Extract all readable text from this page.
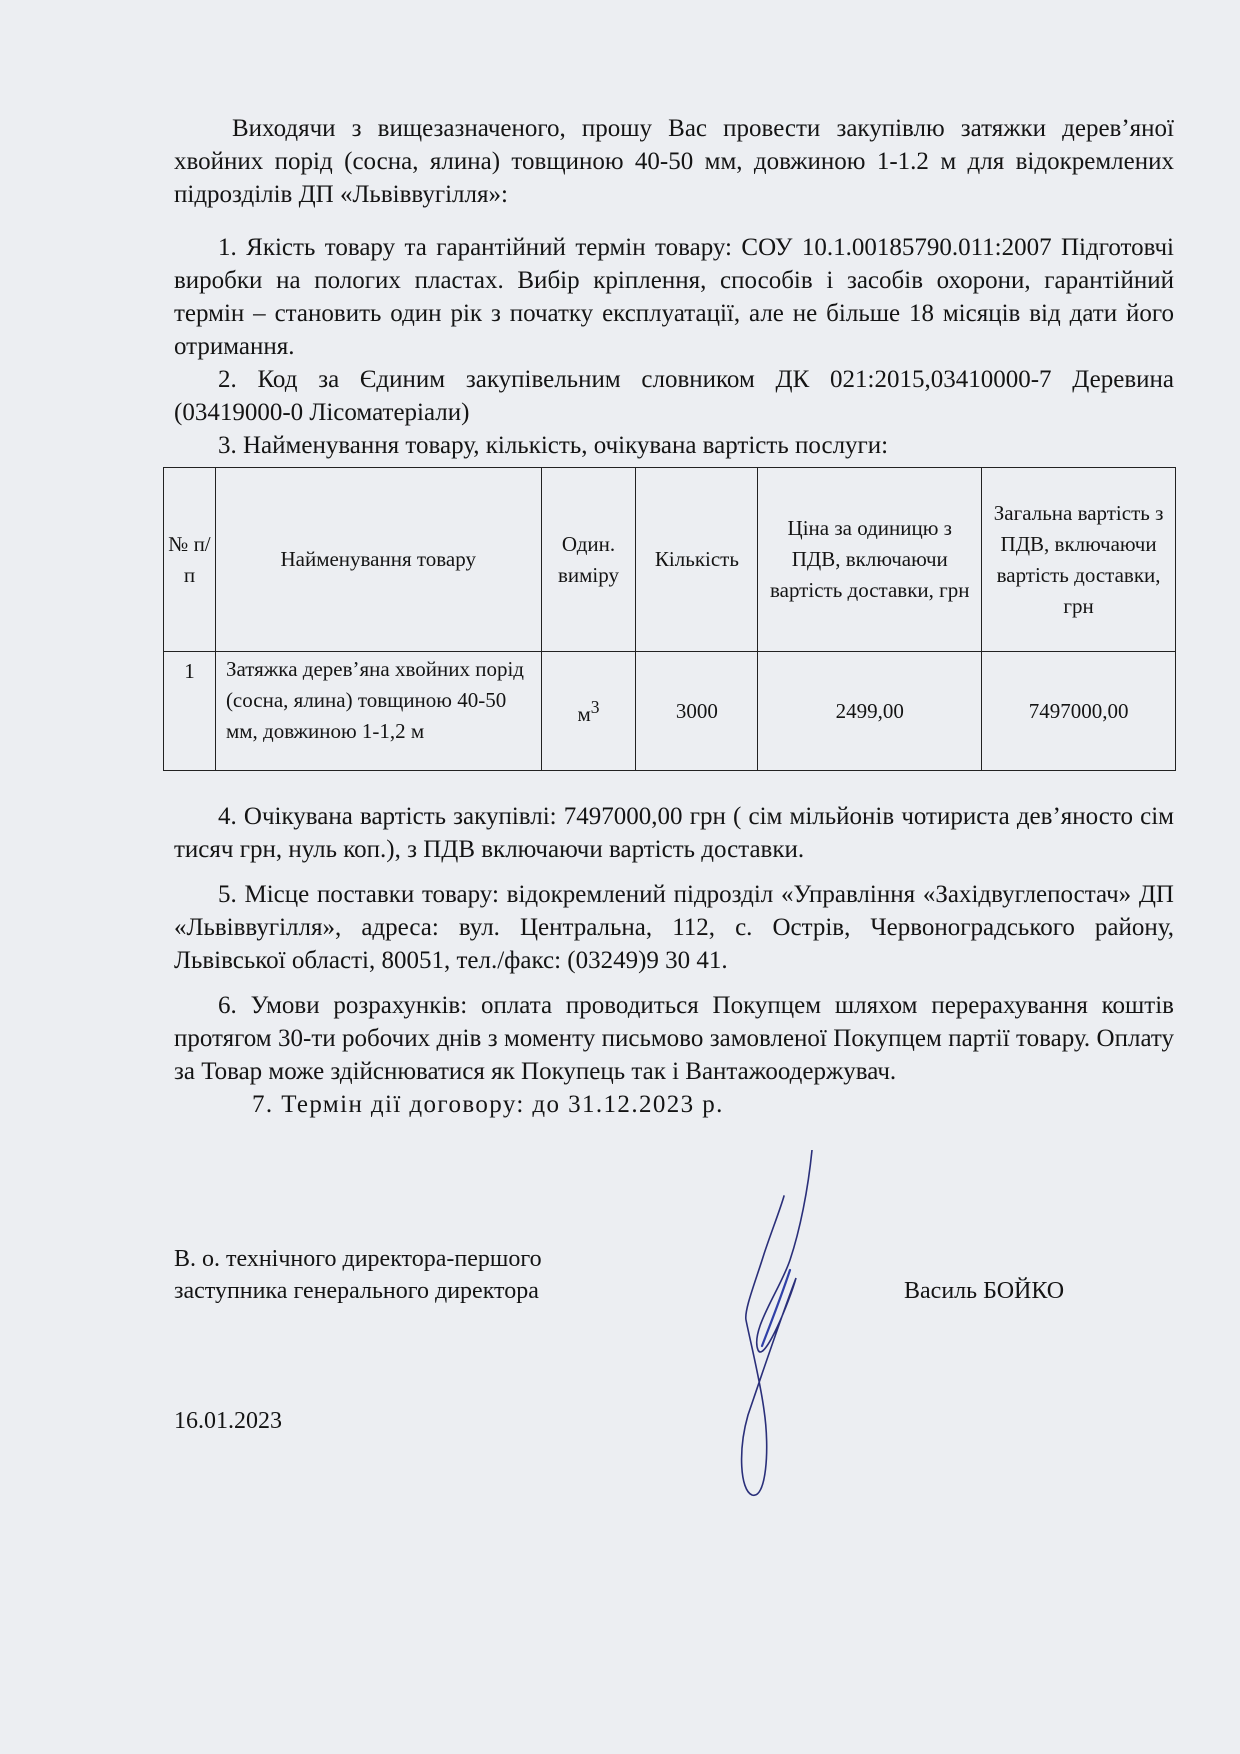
Виходячи з вищезазначеного, прошу Вас провести закупівлю затяжки дерев’яної хвойних порід (сосна, ялина) товщиною 40-50 мм, довжиною 1-1.2 м для відокремлених підрозділів ДП «Львіввугілля»:

1. Якість товару та гарантійний термін товару: СОУ 10.1.00185790.011:2007 Підготовчі виробки на пологих пластах. Вибір кріплення, способів і засобів охорони, гарантійний термін – становить один рік з початку експлуатації, але не більше 18 місяців від дати його отримання.

2. Код за Єдиним закупівельним словником ДК 021:2015,03410000-7 Деревина (03419000-0 Лісоматеріали)

3. Найменування товару, кількість, очікувана вартість послуги:

№ п/п	Найменування товару	Один. виміру	Кількість	Ціна за одиницю з ПДВ, включаючи вартість доставки, грн	Загальна вартість з ПДВ, включаючи вартість доставки, грн
1	Затяжка дерев’яна хвойних порід (сосна, ялина) товщиною 40-50 мм, довжиною 1-1,2 м	$м^3$	3000	2499,00	7497000,00

4. Очікувана вартість закупівлі: 7497000,00 грн ( сім мільйонів чотириста дев’яносто сім тисяч грн, нуль коп.), з ПДВ включаючи вартість доставки.

5. Місце поставки товару: відокремлений підрозділ «Управління «Західвуглепостач» ДП «Львіввугілля», адреса: вул. Центральна, 112, с. Острів, Червоноградського району, Львівської області, 80051, тел./факс: (03249)9 30 41.

6. Умови розрахунків: оплата проводиться Покупцем шляхом перерахування коштів протягом 30-ти робочих днів з моменту письмово замовленої Покупцем партії товару. Оплату за Товар може здійснюватися як Покупець так і Вантажоодержувач.

7. Термін дії договору: до 31.12.2023 р.

В. о. технічного директора-першого
заступника генерального директора	Василь БОЙКО
16.01.2023
